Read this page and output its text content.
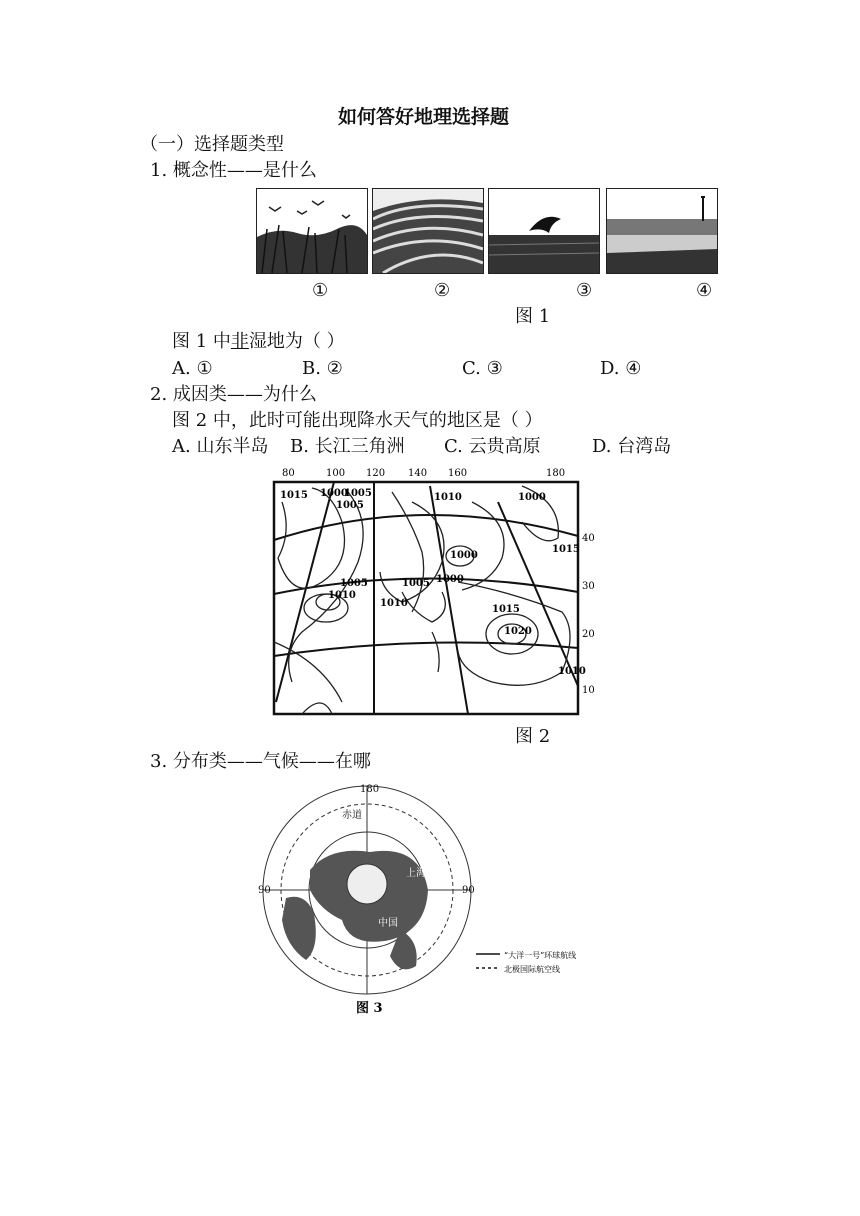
如何答好地理选择题
（一）选择题类型
1. 概念性——是什么
①	②	③	④
图 1
图 1 中非湿地为（ ）
A. ①	B. ②	C. ③	D. ④
2. 成因类——为什么
图 2 中，此时可能出现降水天气的地区是（ ）
A. 山东半岛 B. 长江三角洲 C. 云贵高原	D. 台湾岛
80	100 120 140 160	180
40
30
20
10
1015 1000
1005
1005
1010	1000
1005
1010
1000
1000
1005
1010
1015
1020
1015
1010
图 2
3. 分布类——气候——在哪
180
90	90
赤道
上海
中国
“大洋一号”环球航线
北极国际航空线
图 3
